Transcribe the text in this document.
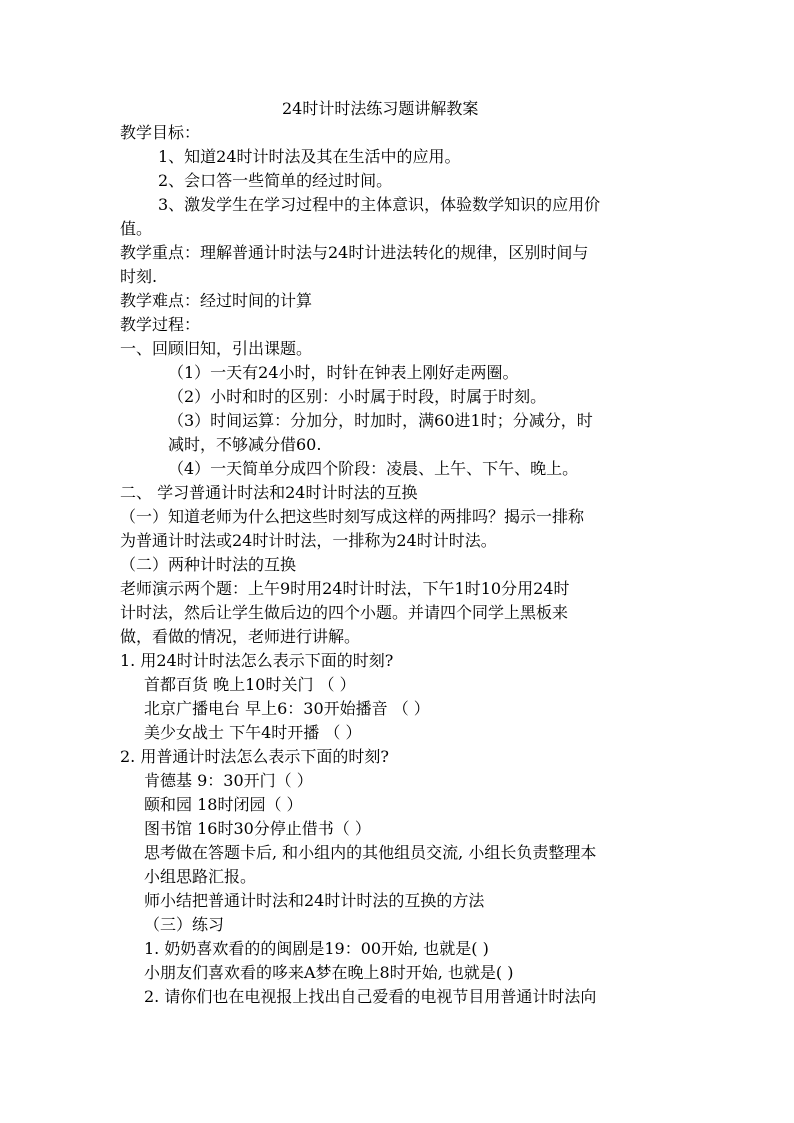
24时计时法练习题讲解教案
教学目标：
1、知道24时计时法及其在生活中的应用。
2、会口答一些简单的经过时间。
3、激发学生在学习过程中的主体意识，体验数学知识的应用价
值。
教学重点：理解普通计时法与24时计进法转化的规律，区别时间与
时刻.
教学难点：经过时间的计算
教学过程：
一、回顾旧知，引出课题。
（1）一天有24小时，时针在钟表上刚好走两圈。
（2）小时和时的区别：小时属于时段，时属于时刻。
（3）时间运算：分加分，时加时，满60进1时；分减分，时
减时，不够减分借60.
（4）一天简单分成四个阶段：凌晨、上午、下午、晚上。
二、 学习普通计时法和24时计时法的互换
（一）知道老师为什么把这些时刻写成这样的两排吗？揭示一排称
为普通计时法或24时计时法，一排称为24时计时法。
（二）两种计时法的互换
老师演示两个题：上午9时用24时计时法，下午1时10分用24时
计时法，然后让学生做后边的四个小题。并请四个同学上黑板来
做，看做的情况，老师进行讲解。
1. 用24时计时法怎么表示下面的时刻?
首都百货 晚上10时关门 （ ）
北京广播电台 早上6：30开始播音 （ ）
美少女战士 下午4时开播 （ ）
2. 用普通计时法怎么表示下面的时刻?
肯德基 9：30开门（ ）
颐和园 18时闭园（ ）
图书馆 16时30分停止借书（ ）
思考做在答题卡后, 和小组内的其他组员交流, 小组长负责整理本
小组思路汇报。
师小结把普通计时法和24时计时法的互换的方法
（三）练习
1. 奶奶喜欢看的的闽剧是19：00开始, 也就是( )
小朋友们喜欢看的哆来A梦在晚上8时开始, 也就是( )
2. 请你们也在电视报上找出自己爱看的电视节目用普通计时法向
